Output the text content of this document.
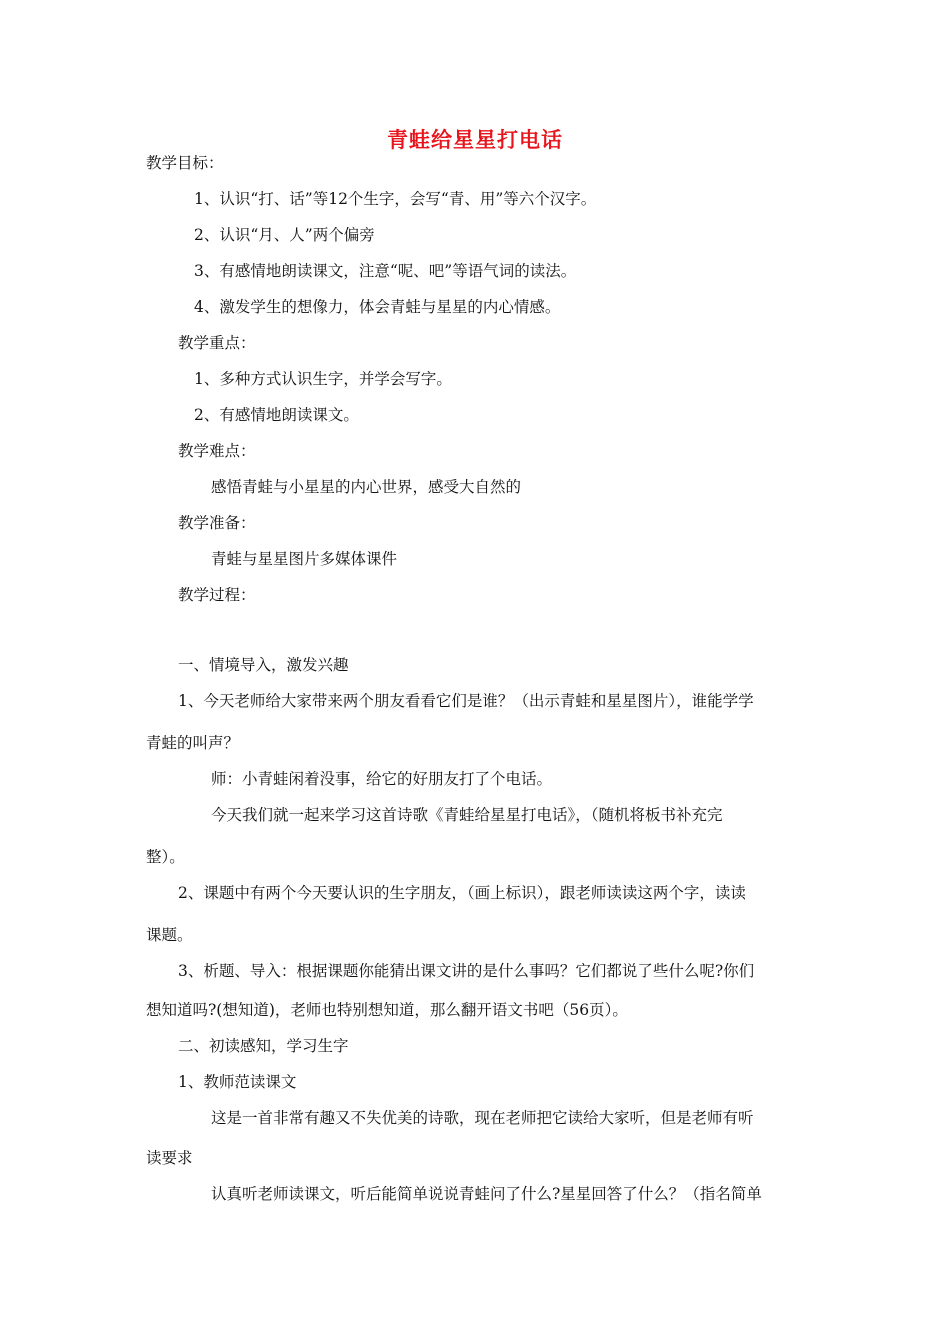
青蛙给星星打电话
教学目标：
1、认识“打、话”等12个生字，会写“青、用”等六个汉字。
2、认识“月、人”两个偏旁
3、有感情地朗读课文，注意“呢、吧”等语气词的读法。
4、激发学生的想像力，体会青蛙与星星的内心情感。
教学重点：
1、多种方式认识生字，并学会写字。
2、有感情地朗读课文。
教学难点：
感悟青蛙与小星星的内心世界，感受大自然的
教学准备：
青蛙与星星图片多媒体课件
教学过程：
一、情境导入，激发兴趣
1、今天老师给大家带来两个朋友看看它们是谁？（出示青蛙和星星图片），谁能学学
青蛙的叫声？
师：小青蛙闲着没事，给它的好朋友打了个电话。
今天我们就一起来学习这首诗歌《青蛙给星星打电话》，（随机将板书补充完
整）。
2、课题中有两个今天要认识的生字朋友，（画上标识），跟老师读读这两个字，读读
课题。
3、析题、导入：根据课题你能猜出课文讲的是什么事吗？它们都说了些什么呢?你们
想知道吗?(想知道)，老师也特别想知道，那么翻开语文书吧（56页）。
二、初读感知，学习生字
1、教师范读课文
这是一首非常有趣又不失优美的诗歌，现在老师把它读给大家听，但是老师有听
读要求
认真听老师读课文，听后能简单说说青蛙问了什么?星星回答了什么？（指名简单
